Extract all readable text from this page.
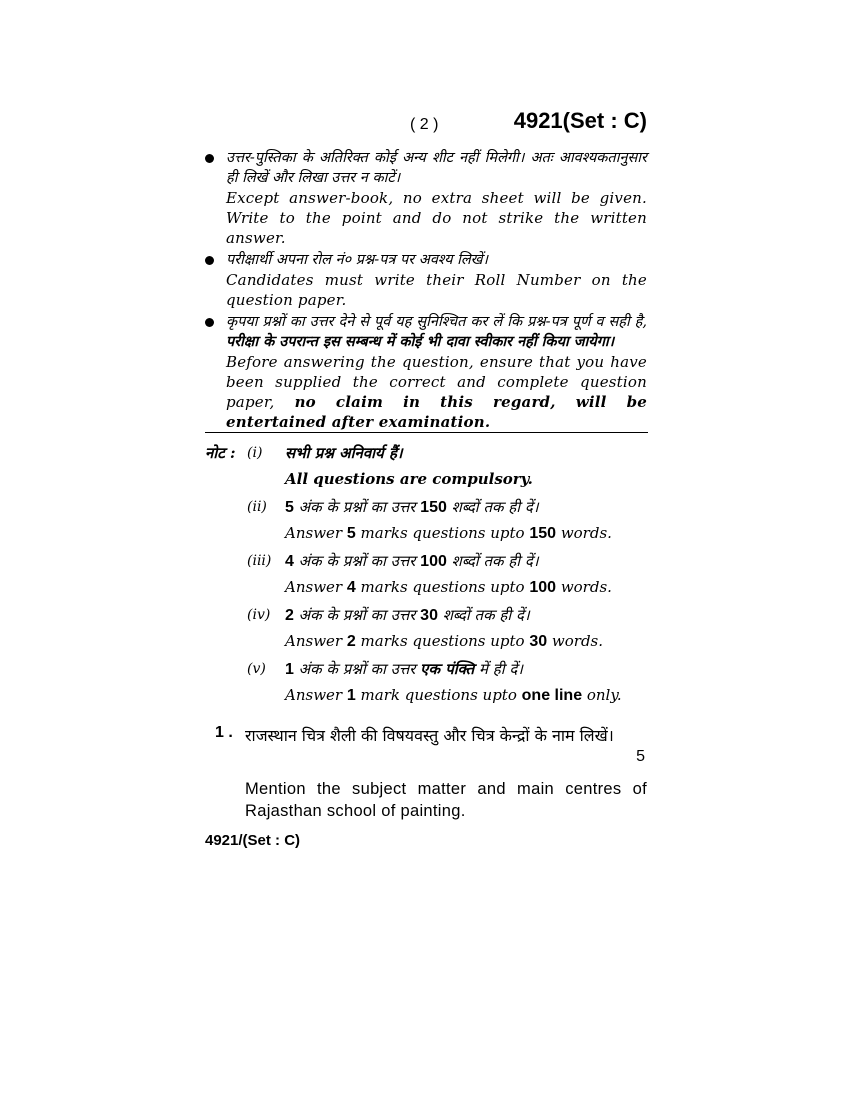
( 2 )	4921(Set : C)
उत्तर-पुस्तिका के अतिरिक्त कोई अन्य शीट नहीं मिलेगी। अतः आवश्यकतानुसार ही लिखें और लिखा उत्तर न काटें।
Except answer-book, no extra sheet will be given. Write to the point and do not strike the written answer.
परीक्षार्थी अपना रोल नं० प्रश्न-पत्र पर अवश्य लिखें।
Candidates must write their Roll Number on the question paper.
कृपया प्रश्नों का उत्तर देने से पूर्व यह सुनिश्चित कर लें कि प्रश्न-पत्र पूर्ण व सही है, परीक्षा के उपरान्त इस सम्बन्ध में कोई भी दावा स्वीकार नहीं किया जायेगा।
Before answering the question, ensure that you have been supplied the correct and complete question paper, no claim in this regard, will be entertained after examination.
नोट : (i) सभी प्रश्न अनिवार्य हैं।
All questions are compulsory.
(ii) 5 अंक के प्रश्नों का उत्तर 150 शब्दों तक ही दें।
Answer 5 marks questions upto 150 words.
(iii) 4 अंक के प्रश्नों का उत्तर 100 शब्दों तक ही दें।
Answer 4 marks questions upto 100 words.
(iv) 2 अंक के प्रश्नों का उत्तर 30 शब्दों तक ही दें।
Answer 2 marks questions upto 30 words.
(v) 1 अंक के प्रश्नों का उत्तर एक पंक्ति में ही दें।
Answer 1 mark questions upto one line only.
1 . राजस्थान चित्र शैली की विषयवस्तु और चित्र केन्द्रों के नाम लिखें।
5
Mention the subject matter and main centres of Rajasthan school of painting.
4921/(Set : C)
